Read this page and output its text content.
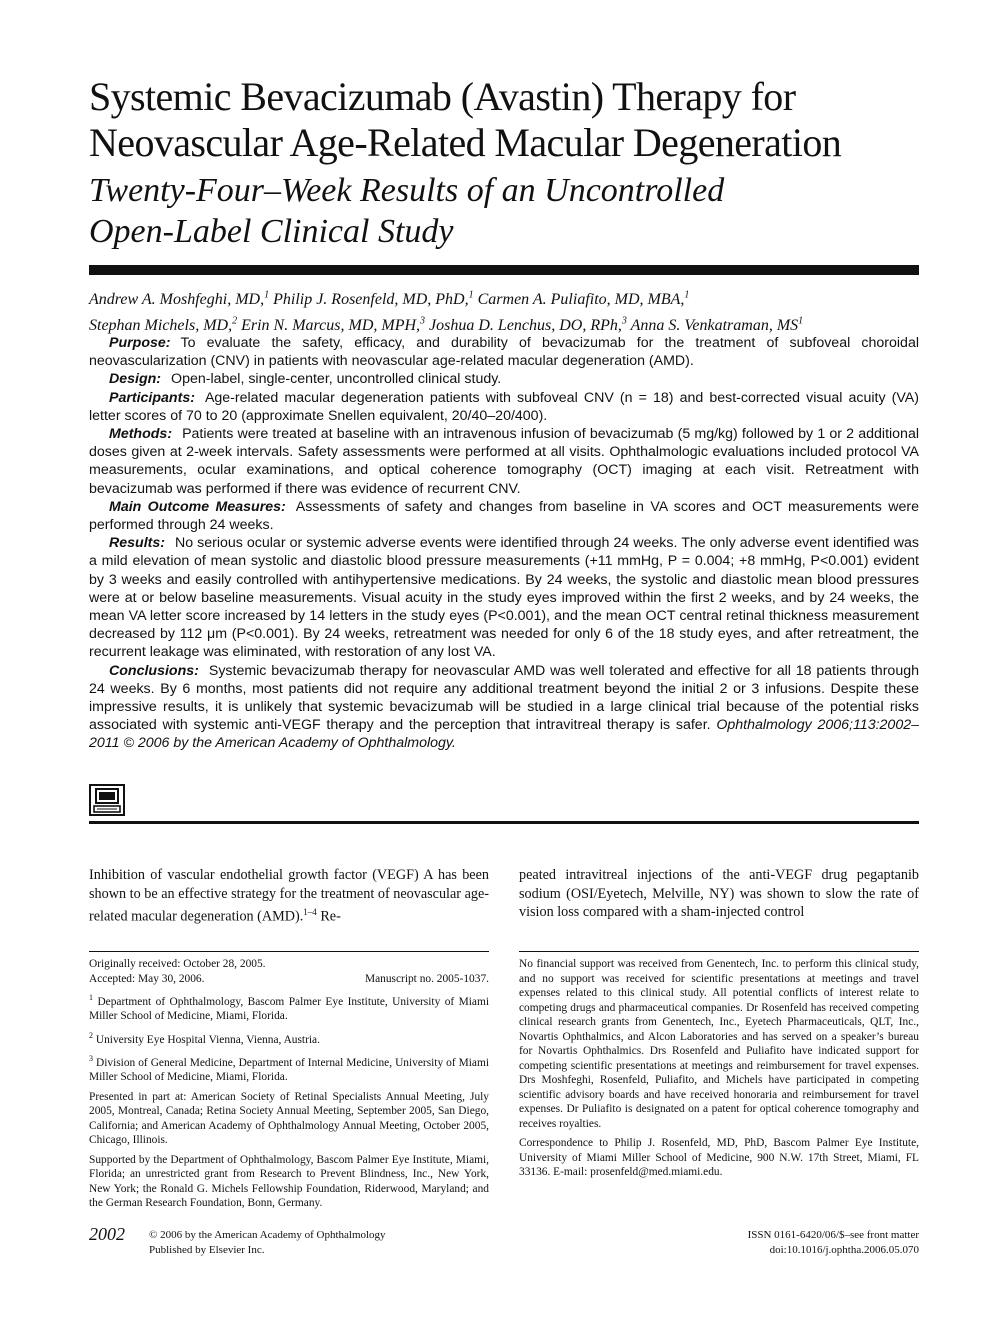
Systemic Bevacizumab (Avastin) Therapy for
Neovascular Age-Related Macular Degeneration
Twenty-Four–Week Results of an Uncontrolled
Open-Label Clinical Study
Andrew A. Moshfeghi, MD,$^1$ Philip J. Rosenfeld, MD, PhD,$^1$ Carmen A. Puliafito, MD, MBA,$^1$
Stephan Michels, MD,$^2$ Erin N. Marcus, MD, MPH,$^3$ Joshua D. Lenchus, DO, RPh,$^3$ Anna S. Venkatraman, $MS^1$

Purpose: To evaluate the safety, efficacy, and durability of bevacizumab for the treatment of subfoveal choroidal neovascularization (CNV) in patients with neovascular age-related macular degeneration (AMD).

Design: Open-label, single-center, uncontrolled clinical study.

Participants: Age-related macular degeneration patients with subfoveal CNV (n = 18) and best-corrected visual acuity (VA) letter scores of 70 to 20 (approximate Snellen equivalent, 20/40–20/400).

Methods: Patients were treated at baseline with an intravenous infusion of bevacizumab (5 mg/kg) followed by 1 or 2 additional doses given at 2-week intervals. Safety assessments were performed at all visits. Ophthalmologic evaluations included protocol VA measurements, ocular examinations, and optical coherence tomography (OCT) imaging at each visit. Retreatment with bevacizumab was performed if there was evidence of recurrent CNV.

Main Outcome Measures: Assessments of safety and changes from baseline in VA scores and OCT measurements were performed through 24 weeks.

Results: No serious ocular or systemic adverse events were identified through 24 weeks. The only adverse event identified was a mild elevation of mean systolic and diastolic blood pressure measurements (+11 mmHg, P = 0.004; +8 mmHg, P<0.001) evident by 3 weeks and easily controlled with antihypertensive medications. By 24 weeks, the systolic and diastolic mean blood pressures were at or below baseline measurements. Visual acuity in the study eyes improved within the first 2 weeks, and by 24 weeks, the mean VA letter score increased by 14 letters in the study eyes (P<0.001), and the mean OCT central retinal thickness measurement decreased by 112 μm (P<0.001). By 24 weeks, retreatment was needed for only 6 of the 18 study eyes, and after retreatment, the recurrent leakage was eliminated, with restoration of any lost VA.

Conclusions: Systemic bevacizumab therapy for neovascular AMD was well tolerated and effective for all 18 patients through 24 weeks. By 6 months, most patients did not require any additional treatment beyond the initial 2 or 3 infusions. Despite these impressive results, it is unlikely that systemic bevacizumab will be studied in a large clinical trial because of the potential risks associated with systemic anti-VEGF therapy and the perception that intravitreal therapy is safer. Ophthalmology 2006;113:2002–2011 © 2006 by the American Academy of Ophthalmology.

Inhibition of vascular endothelial growth factor (VEGF) A has been shown to be an effective strategy for the treatment of neovascular age-related macular degeneration (AMD).$^{1-4}$ Re-

peated intravitreal injections of the anti-VEGF drug pegaptanib sodium (OSI/Eyetech, Melville, NY) was shown to slow the rate of vision loss compared with a sham-injected control

Originally received: October 28, 2005.

Accepted: May 30, 2006.	Manuscript no. 2005-1037.

$^1$ Department of Ophthalmology, Bascom Palmer Eye Institute, University of Miami Miller School of Medicine, Miami, Florida.

$^2$ University Eye Hospital Vienna, Vienna, Austria.

$^3$ Division of General Medicine, Department of Internal Medicine, University of Miami Miller School of Medicine, Miami, Florida.

Presented in part at: American Society of Retinal Specialists Annual Meeting, July 2005, Montreal, Canada; Retina Society Annual Meeting, September 2005, San Diego, California; and American Academy of Ophthalmology Annual Meeting, October 2005, Chicago, Illinois.

Supported by the Department of Ophthalmology, Bascom Palmer Eye Institute, Miami, Florida; an unrestricted grant from Research to Prevent Blindness, Inc., New York, New York; the Ronald G. Michels Fellowship Foundation, Riderwood, Maryland; and the German Research Foundation, Bonn, Germany.

No financial support was received from Genentech, Inc. to perform this clinical study, and no support was received for scientific presentations at meetings and travel expenses related to this clinical study. All potential conflicts of interest relate to competing drugs and pharmaceutical companies. Dr Rosenfeld has received competing clinical research grants from Genentech, Inc., Eyetech Pharmaceuticals, QLT, Inc., Novartis Ophthalmics, and Alcon Laboratories and has served on a speaker’s bureau for Novartis Ophthalmics. Drs Rosenfeld and Puliafito have indicated support for competing scientific presentations at meetings and reimbursement for travel expenses. Drs Moshfeghi, Rosenfeld, Puliafito, and Michels have participated in competing scientific advisory boards and have received honoraria and reimbursement for travel expenses. Dr Puliafito is designated on a patent for optical coherence tomography and receives royalties.

Correspondence to Philip J. Rosenfeld, MD, PhD, Bascom Palmer Eye Institute, University of Miami Miller School of Medicine, 900 N.W. 17th Street, Miami, FL 33136. E-mail: prosenfeld@med.miami.edu.

2002 © 2006 by the American Academy of Ophthalmology
Published by Elsevier Inc.
ISSN 0161-6420/06/$–see front matter
doi:10.1016/j.ophtha.2006.05.070
